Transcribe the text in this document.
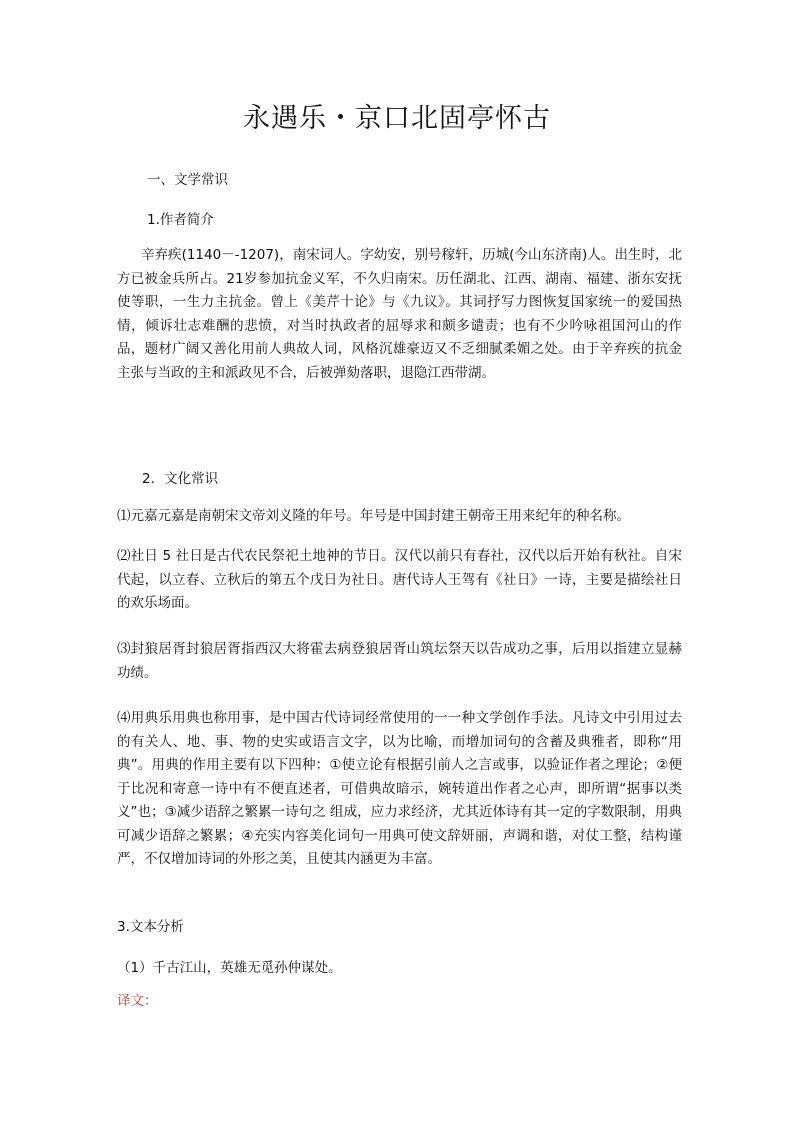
永遇乐・京口北固亭怀古
一、文学常识
1.作者简介
辛弃疾(1140－-1207)，南宋词人。字幼安，别号稼轩，历城(今山东济南)人。出生时，北方已被金兵所占。21岁参加抗金义军，不久归南宋。历任湖北、江西、湖南、福建、浙东安抚使等职，一生力主抗金。曾上《美芹十论》与《九议》。其词抒写力图恢复国家统一的爱国热情，倾诉壮志难酬的悲愤，对当时执政者的屈辱求和颇多谴责；也有不少吟咏祖国河山的作品，题材广阔又善化用前人典故人词，风格沉雄豪迈又不乏细腻柔媚之处。由于辛弃疾的抗金主张与当政的主和派政见不合，后被弹劾落职，退隐江西带湖。
2．文化常识
⑴元嘉元嘉是南朝宋文帝刘义隆的年号。年号是中国封建王朝帝王用来纪年的种名称。
⑵社日 5 社日是古代农民祭祀土地神的节日。汉代以前只有春社，汉代以后开始有秋社。自宋代起，以立春、立秋后的第五个戊日为社日。唐代诗人王驾有《社日》一诗，主要是描绘社日的欢乐场面。
⑶封狼居胥封狼居胥指西汉大将霍去病登狼居胥山筑坛祭天以告成功之事，后用以指建立显赫功绩。
⑷用典乐用典也称用事，是中国古代诗词经常使用的一一种文学创作手法。凡诗文中引用过去的有关人、地、事、物的史实或语言文字，以为比喻，而增加词句的含蓄及典雅者，即称“用典”。用典的作用主要有以下四种：①使立论有根据引前人之言或事，以验证作者之理论；②便于比况和寄意一诗中有不便直述者，可借典故暗示，婉转道出作者之心声，即所谓“据事以类义”也；③减少语辞之繁累一诗句之 组成，应力求经济，尤其近体诗有其一定的字数限制，用典可减少语辞之繁累；④充实内容美化词句一用典可使文辞妍丽，声调和谐，对仗工整，结构谨严，不仅增加诗词的外形之美，且使其内涵更为丰富。
3.文本分析
（1）千古江山，英雄无觅孙仲谋处。
译文：
